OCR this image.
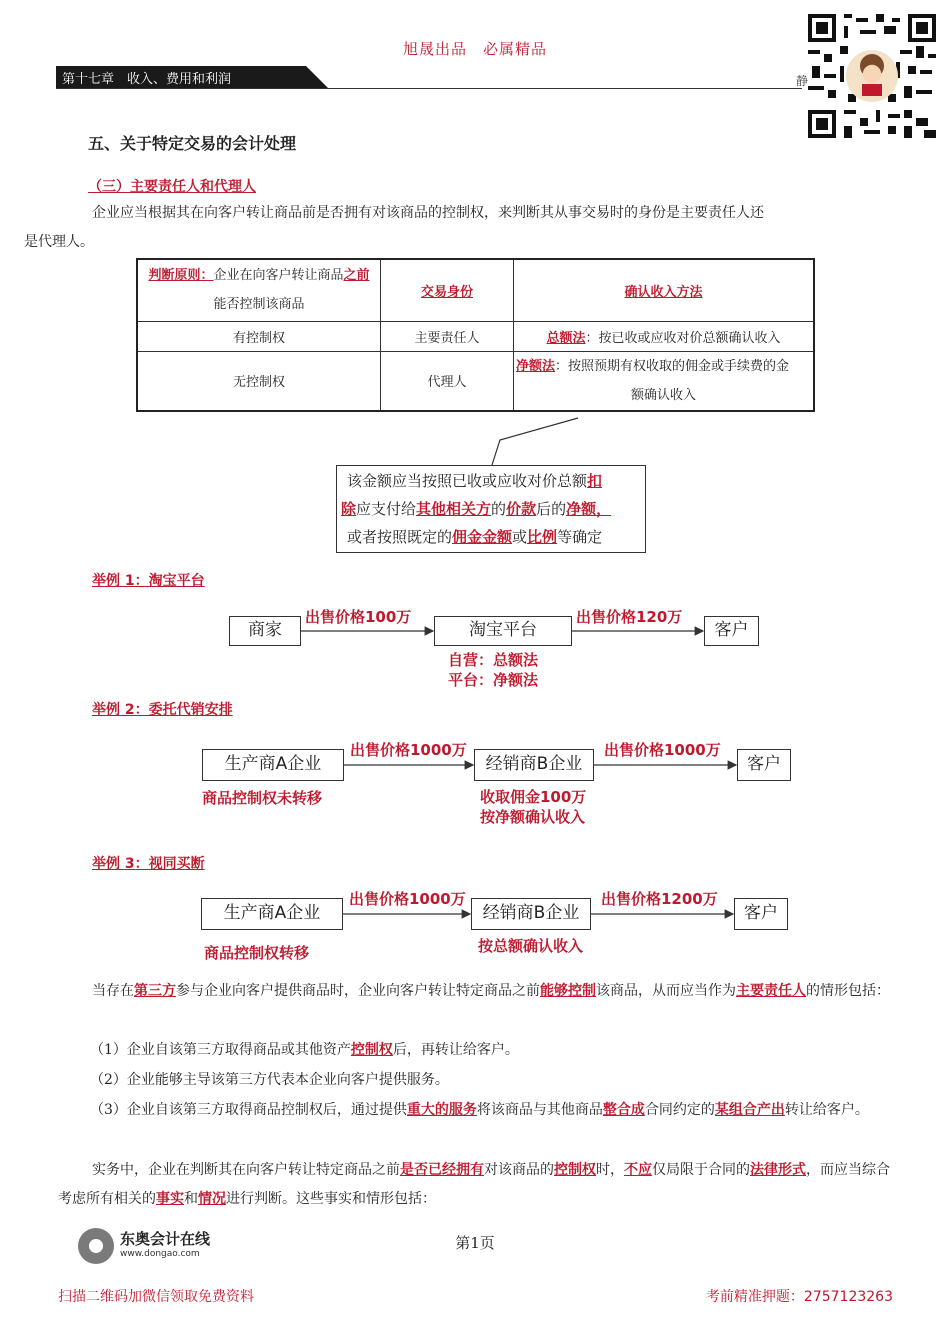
旭晟出品　必属精品
第十七章　收入、费用和利润	静
五、关于特定交易的会计处理
（三）主要责任人和代理人
企业应当根据其在向客户转让商品前是否拥有对该商品的控制权，来判断其从事交易时的身份是主要责任人还
是代理人。
判断原则：企业在向客户转让商品之前
能否控制该商品	交易身份	确认收入方法
有控制权	主要责任人	总额法：按已收或应收对价总额确认收入
无控制权	代理人	净额法：按照预期有权收取的佣金或手续费的金
额确认收入
该金额应当按照已收或应收对价总额扣
除应支付给其他相关方的价款后的净额，
或者按照既定的佣金金额或比例等确定
举例 1：淘宝平台
商家	淘宝平台	客户
出售价格100万	出售价格120万
自营：总额法
平台：净额法
举例 2：委托代销安排
生产商A企业	经销商B企业	客户
出售价格1000万	出售价格1000万
商品控制权未转移	收取佣金100万
按净额确认收入
举例 3：视同买断
生产商A企业	经销商B企业	客户
出售价格1000万	出售价格1200万
商品控制权转移	按总额确认收入
当存在第三方参与企业向客户提供商品时，企业向客户转让特定商品之前能够控制该商品，从而应当作为主要责任人的情形包括：
（1）企业自该第三方取得商品或其他资产控制权后，再转让给客户。
（2）企业能够主导该第三方代表本企业向客户提供服务。
（3）企业自该第三方取得商品控制权后，通过提供重大的服务将该商品与其他商品整合成合同约定的某组合产出转让给客户。
实务中，企业在判断其在向客户转让特定商品之前是否已经拥有对该商品的控制权时，不应仅局限于合同的法律形式，而应当综合考虑所有相关的事实和情况进行判断。这些事实和情形包括：
东奥会计在线
www.dongao.com
第1页
扫描二维码加微信领取免费资料	考前精准押题：2757123263
